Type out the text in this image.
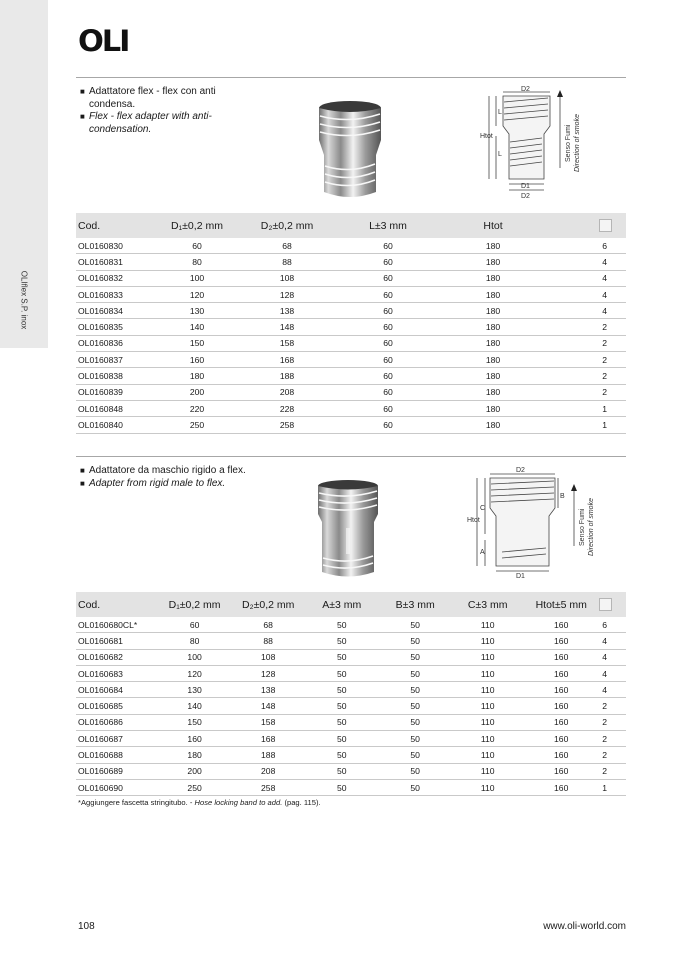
OLIflex S.P. inox
OLI
■ Adattatore flex - flex con anti
condensa.
■ Flex - flex adapter with anti-
condensation.
D2
L
L
Htot
D1
D2
Senso Fumi Direction of smoke
Cod.	D₁±0,2 mm	D₂±0,2 mm	L±3 mm	Htot	
OL0160830	60	68	60	180	6
OL0160831	80	88	60	180	4
OL0160832	100	108	60	180	4
OL0160833	120	128	60	180	4
OL0160834	130	138	60	180	4
OL0160835	140	148	60	180	2
OL0160836	150	158	60	180	2
OL0160837	160	168	60	180	2
OL0160838	180	188	60	180	2
OL0160839	200	208	60	180	2
OL0160848	220	228	60	180	1
OL0160840	250	258	60	180	1
■ Adattatore da maschio rigido a flex.
■ Adapter from rigid male to flex.
D2
B
C
Htot
A
D1
Senso Fumi Direction of smoke
Cod.	D₁±0,2 mm	D₂±0,2 mm	A±3 mm	B±3 mm	C±3 mm	Htot±5 mm	
OL0160680CL*	60	68	50	50	110	160	6
OL0160681	80	88	50	50	110	160	4
OL0160682	100	108	50	50	110	160	4
OL0160683	120	128	50	50	110	160	4
OL0160684	130	138	50	50	110	160	4
OL0160685	140	148	50	50	110	160	2
OL0160686	150	158	50	50	110	160	2
OL0160687	160	168	50	50	110	160	2
OL0160688	180	188	50	50	110	160	2
OL0160689	200	208	50	50	110	160	2
OL0160690	250	258	50	50	110	160	1
*Aggiungere fascetta stringitubo. - Hose locking band to add. (pag. 115).
108	www.oli-world.com
